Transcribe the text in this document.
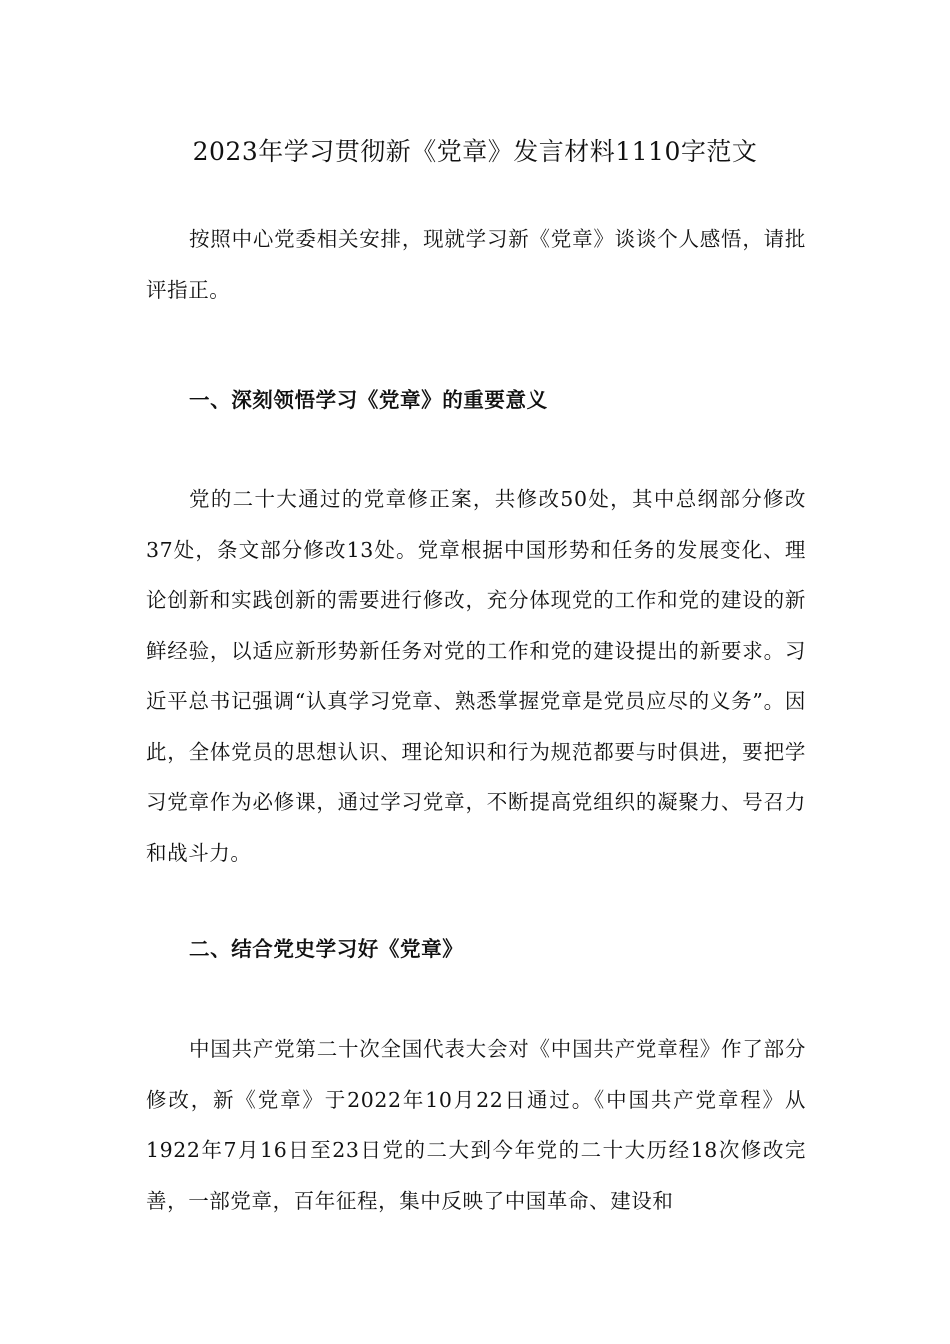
2023年学习贯彻新《党章》发言材料1110字范文

按照中心党委相关安排，现就学习新《党章》谈谈个人感悟，请批评指正。

一、深刻领悟学习《党章》的重要意义

党的二十大通过的党章修正案，共修改50处，其中总纲部分修改37处，条文部分修改13处。党章根据中国形势和任务的发展变化、理论创新和实践创新的需要进行修改，充分体现党的工作和党的建设的新鲜经验，以适应新形势新任务对党的工作和党的建设提出的新要求。习近平总书记强调“认真学习党章、熟悉掌握党章是党员应尽的义务”。因此，全体党员的思想认识、理论知识和行为规范都要与时俱进，要把学习党章作为必修课，通过学习党章，不断提高党组织的凝聚力、号召力和战斗力。

二、结合党史学习好《党章》

中国共产党第二十次全国代表大会对《中国共产党章程》作了部分修改，新《党章》于2022年10月22日通过。《中国共产党章程》从1922年7月16日至23日党的二大到今年党的二十大历经18次修改完善，一部党章，百年征程，集中反映了中国革命、建设和
